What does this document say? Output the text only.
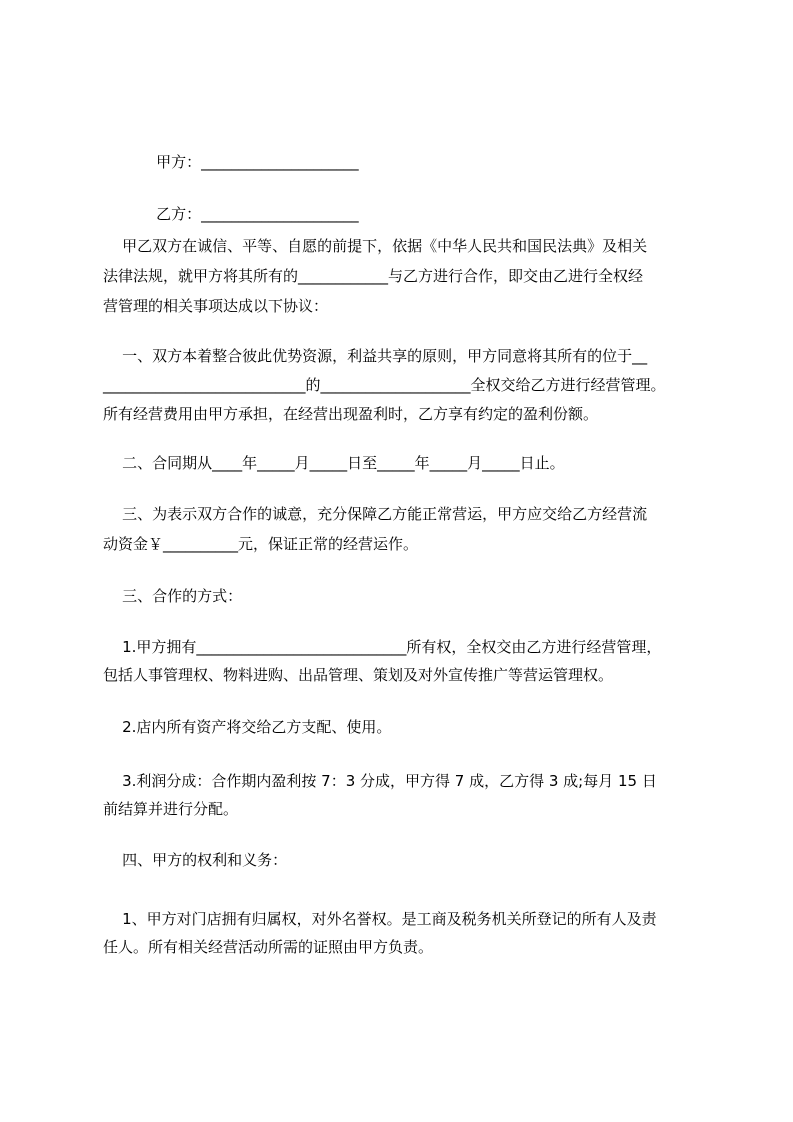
甲方：_____________________

乙方：_____________________

甲乙双方在诚信、平等、自愿的前提下，依据《中华人民共和国民法典》及相关
法律法规，就甲方将其所有的____________与乙方进行合作，即交由乙进行全权经
营管理的相关事项达成以下协议：
一、双方本着整合彼此优势资源，利益共享的原则，甲方同意将其所有的位于__
___________________________的____________________全权交给乙方进行经营管理。
所有经营费用由甲方承担，在经营出现盈利时，乙方享有约定的盈利份额。
二、合同期从____年_____月_____日至_____年_____月_____日止。
三、为表示双方合作的诚意，充分保障乙方能正常营运，甲方应交给乙方经营流
动资金￥__________元，保证正常的经营运作。
三、合作的方式：
1.甲方拥有____________________________所有权，全权交由乙方进行经营管理，
包括人事管理权、物料进购、出品管理、策划及对外宣传推广等营运管理权。
2.店内所有资产将交给乙方支配、使用。
3.利润分成：合作期内盈利按 7：3 分成，甲方得 7 成，乙方得 3 成;每月 15 日
前结算并进行分配。
四、甲方的权利和义务：
1、甲方对门店拥有归属权，对外名誉权。是工商及税务机关所登记的所有人及责
任人。所有相关经营活动所需的证照由甲方负责。
